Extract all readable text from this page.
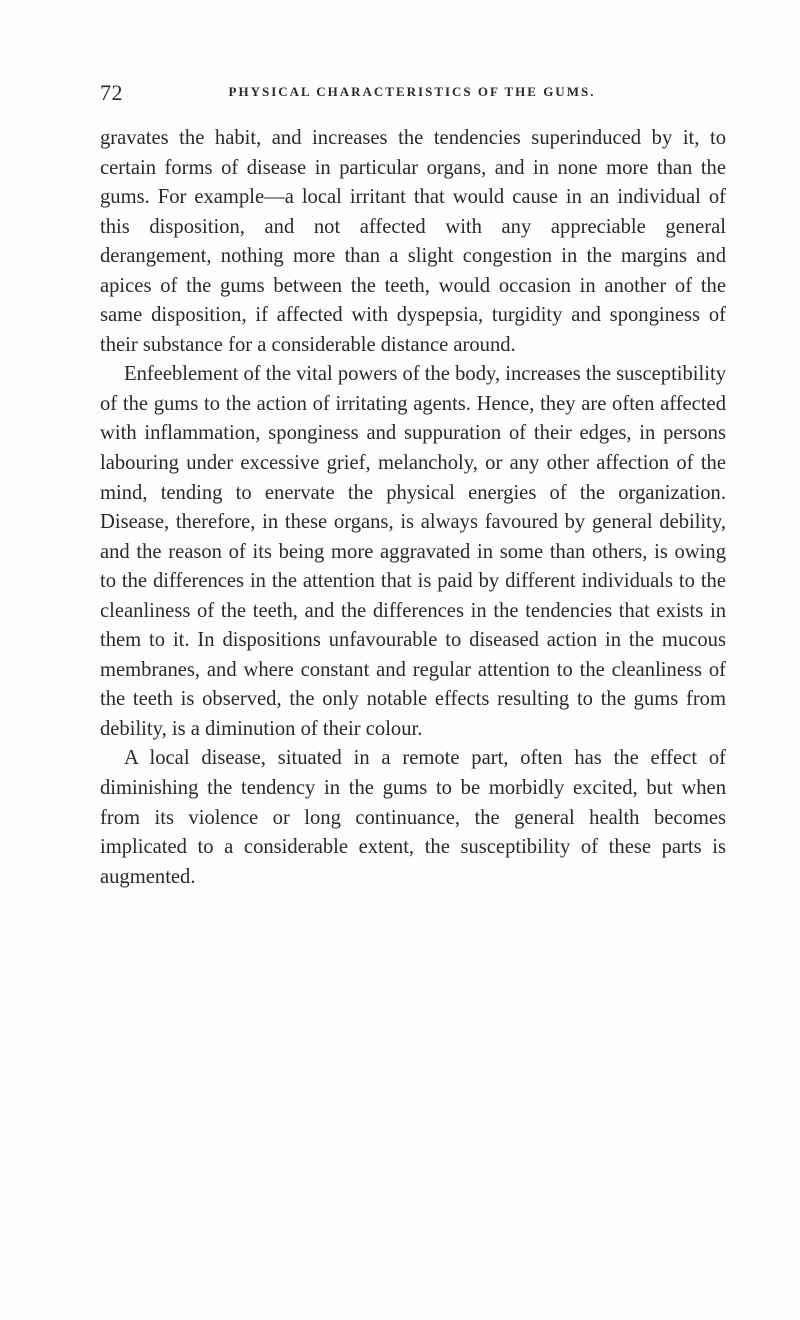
72	PHYSICAL CHARACTERISTICS OF THE GUMS.

gravates the habit, and increases the tendencies superinduced by it, to certain forms of disease in particular organs, and in none more than the gums. For example—a local irritant that would cause in an individual of this disposition, and not affected with any appreciable general derangement, nothing more than a slight congestion in the margins and apices of the gums between the teeth, would occasion in another of the same disposition, if affected with dyspepsia, turgidity and sponginess of their substance for a considerable distance around.

Enfeeblement of the vital powers of the body, increases the susceptibility of the gums to the action of irritating agents. Hence, they are often affected with inflammation, sponginess and suppuration of their edges, in persons labouring under excessive grief, melancholy, or any other affection of the mind, tending to enervate the physical energies of the organization. Disease, therefore, in these organs, is always favoured by general debility, and the reason of its being more aggravated in some than others, is owing to the differences in the attention that is paid by different individuals to the cleanliness of the teeth, and the differences in the tendencies that exists in them to it. In dispositions unfavourable to diseased action in the mucous membranes, and where constant and regular attention to the cleanliness of the teeth is observed, the only notable effects resulting to the gums from debility, is a diminution of their colour.

A local disease, situated in a remote part, often has the effect of diminishing the tendency in the gums to be morbidly excited, but when from its violence or long continuance, the general health becomes implicated to a considerable extent, the susceptibility of these parts is augmented.
